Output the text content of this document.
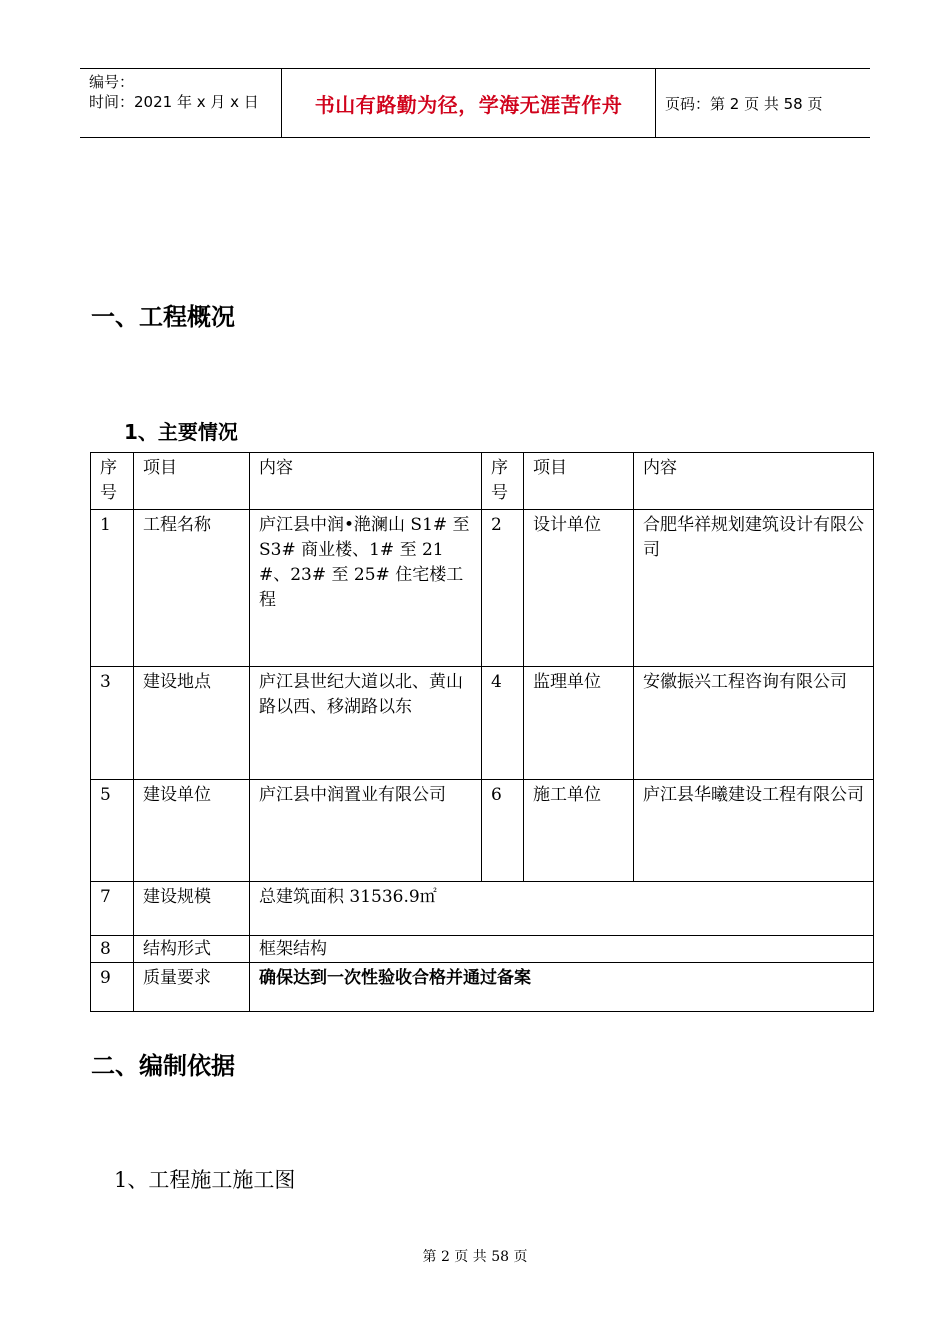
编号：
时间：2021 年 x 月 x 日	书山有路勤为径，学海无涯苦作舟	页码：第 2 页 共 58 页
一、工程概况
1、主要情况
序号	项目	内容	序号	项目	内容
1	工程名称	庐江县中润•滟澜山 S1# 至 S3# 商业楼、1# 至 21#、23# 至 25# 住宅楼工程	2	设计单位	合肥华祥规划建筑设计有限公司
3	建设地点	庐江县世纪大道以北、黄山路以西、移湖路以东	4	监理单位	安徽振兴工程咨询有限公司
5	建设单位	庐江县中润置业有限公司	6	施工单位	庐江县华曦建设工程有限公司
7	建设规模	总建筑面积 31536.9㎡			
8	结构形式	框架结构			
9	质量要求	确保达到一次性验收合格并通过备案			
二、编制依据
1、工程施工施工图
第 2 页 共 58 页
